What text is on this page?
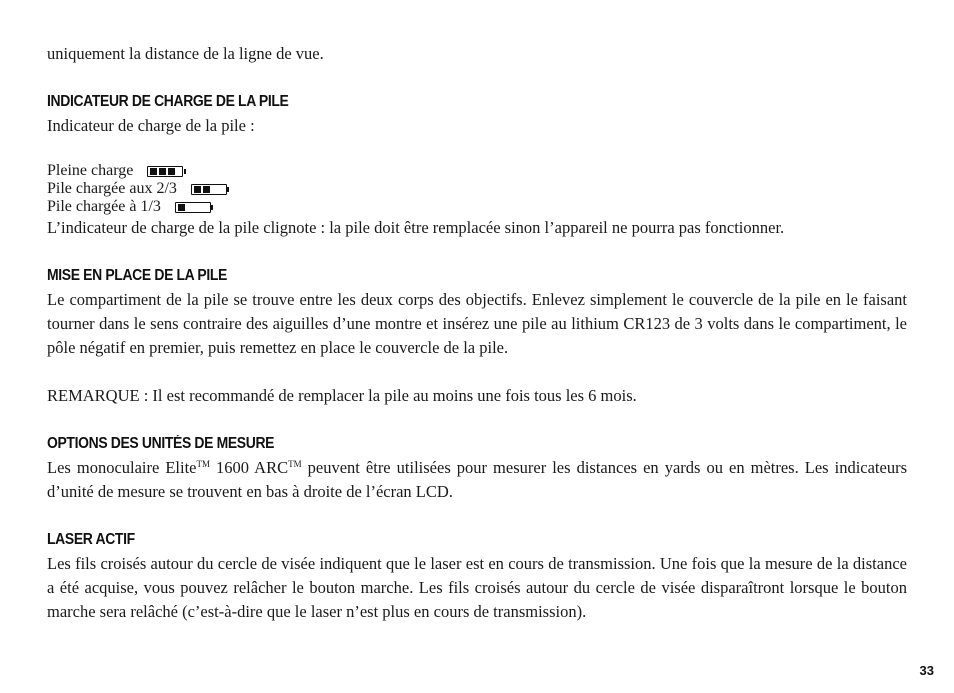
uniquement la distance de la ligne de vue.

INDICATEUR DE CHARGE DE LA PILE

Indicateur de charge de la pile :

Pleine charge
Pile chargée aux 2/3
Pile chargée à 1/3

L’indicateur de charge de la pile clignote : la pile doit être remplacée sinon l’appareil ne pourra pas fonctionner.

MISE EN PLACE DE LA PILE

Le compartiment de la pile se trouve entre les deux corps des objectifs. Enlevez simplement le couvercle de la pile en le faisant tourner dans le sens contraire des aiguilles d’une montre et insérez une pile au lithium CR123 de 3 volts dans le compartiment, le pôle négatif en premier, puis remettez en place le couvercle de la pile.

REMARQUE : Il est recommandé de remplacer la pile au moins une fois tous les 6 mois.

OPTIONS DES UNITÉS DE MESURE

Les monoculaire Elite™ 1600 ARC™ peuvent être utilisées pour mesurer les distances en yards ou en mètres. Les indicateurs d’unité de mesure se trouvent en bas à droite de l’écran LCD.

LASER ACTIF

Les fils croisés autour du cercle de visée indiquent que le laser est en cours de transmission. Une fois que la mesure de la distance a été acquise, vous pouvez relâcher le bouton marche. Les fils croisés autour du cercle de visée disparaîtront lorsque le bouton marche sera relâché (c’est-à-dire que le laser n’est plus en cours de transmission).

33
